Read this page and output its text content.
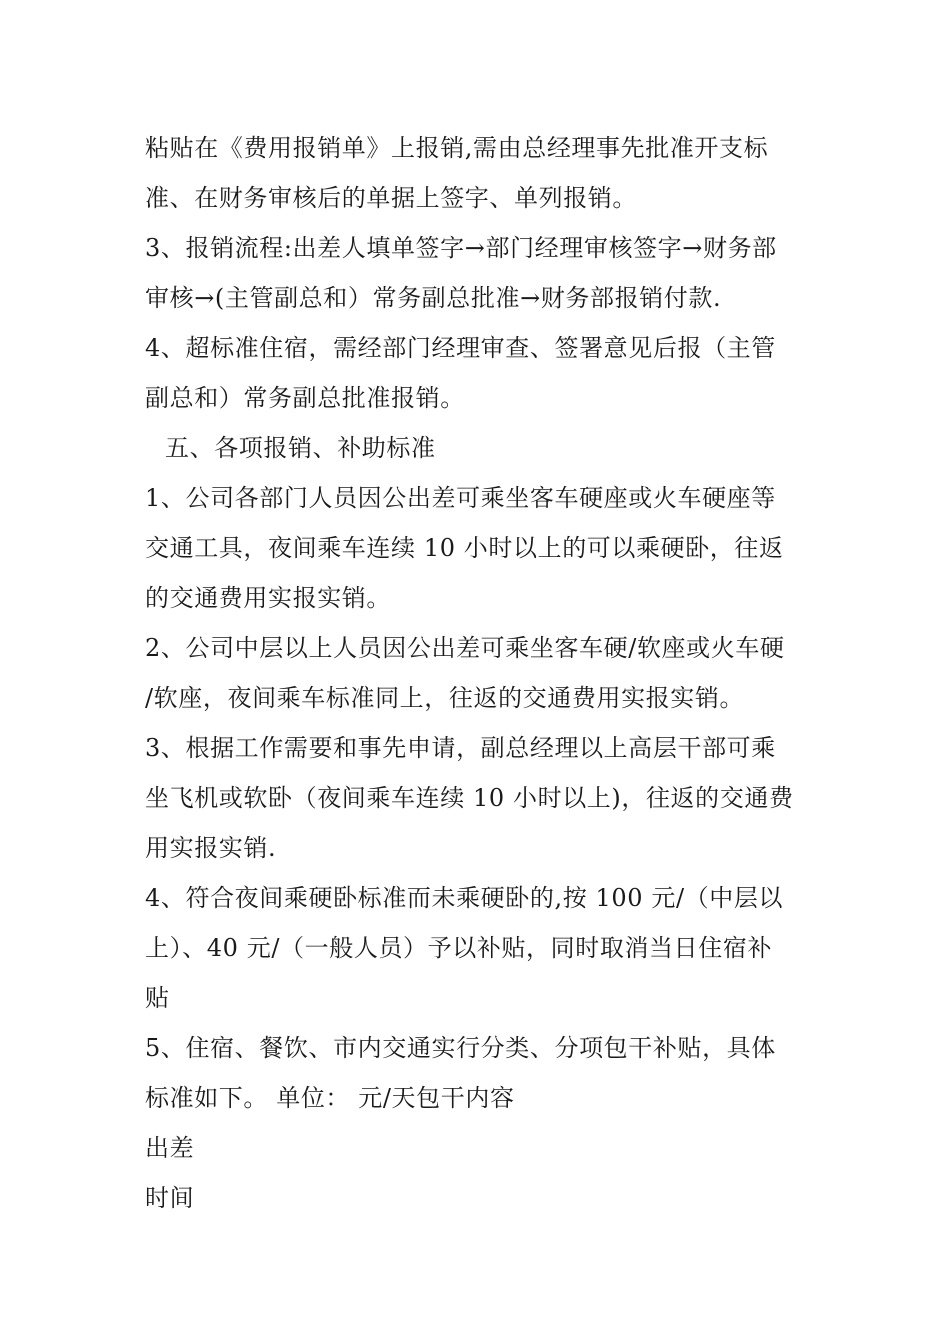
粘贴在《费用报销单》上报销,需由总经理事先批准开支标
准、在财务审核后的单据上签字、单列报销。
3、报销流程:出差人填单签字→部门经理审核签字→财务部
审核→(主管副总和）常务副总批准→财务部报销付款.
4、超标准住宿，需经部门经理审查、签署意见后报（主管
副总和）常务副总批准报销。
五、各项报销、补助标准
1、公司各部门人员因公出差可乘坐客车硬座或火车硬座等
交通工具，夜间乘车连续 10 小时以上的可以乘硬卧，往返
的交通费用实报实销。
2、公司中层以上人员因公出差可乘坐客车硬/软座或火车硬
/软座，夜间乘车标准同上，往返的交通费用实报实销。
3、根据工作需要和事先申请，副总经理以上高层干部可乘
坐飞机或软卧（夜间乘车连续 10 小时以上)，往返的交通费
用实报实销.
4、符合夜间乘硬卧标准而未乘硬卧的,按 100 元/（中层以
上）、40 元/（一般人员）予以补贴，同时取消当日住宿补
贴
5、住宿、餐饮、市内交通实行分类、分项包干补贴，具体
标准如下。 单位： 元/天包干内容
出差
时间
